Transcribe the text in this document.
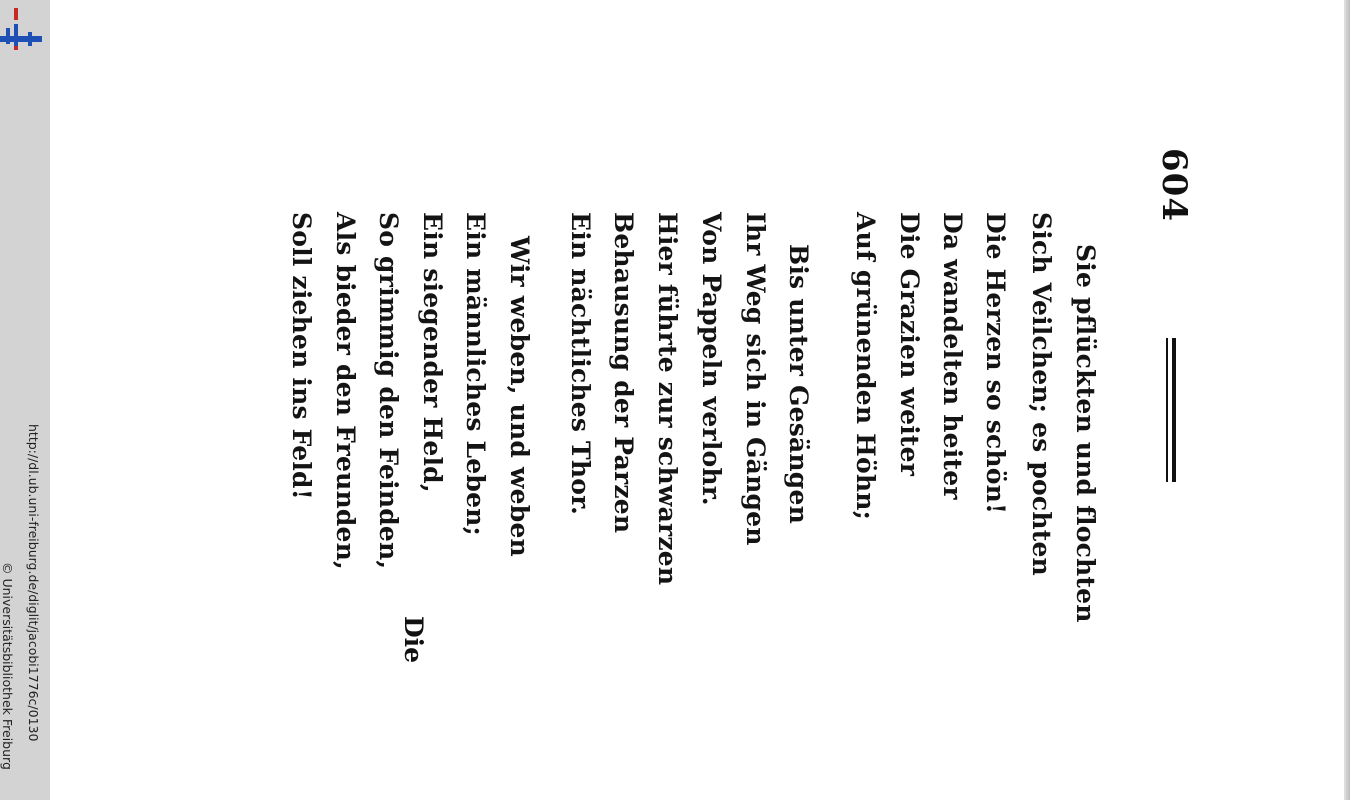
http://dl.ub.uni-freiburg.de/diglit/jacobi1776c/0130
© Universitätsbibliothek Freiburg
604
Sie pflückten und flochten
Sich Veilchen; es pochten
Die Herzen so schön!
Da wandelten heiter
Die Grazien weiter
Auf grünenden Höhn;
Bis unter Gesängen
Ihr Weg sich in Gängen
Von Pappeln verlohr.
Hier führte zur schwarzen
Behausung der Parzen
Ein nächtliches Thor.
Wir weben, und weben
Ein männliches Leben;
Ein siegender Held,
So grimmig den Feinden,
Als bieder den Freunden,
Soll ziehen ins Feld!
Die
